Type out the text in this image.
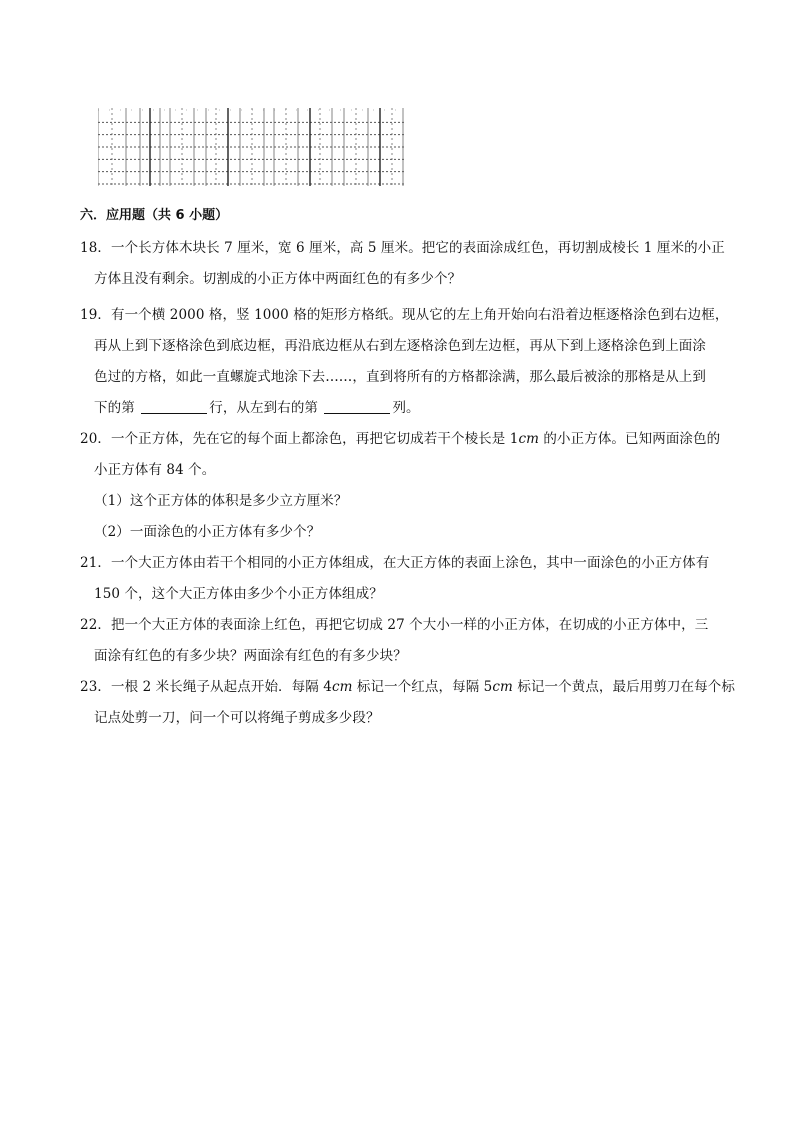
六．应用题（共 6 小题）
18．一个长方体木块长 7 厘米，宽 6 厘米，高 5 厘米。把它的表面涂成红色，再切割成棱长 1 厘米的小正
方体且没有剩余。切割成的小正方体中两面红色的有多少个？
19．有一个横 2000 格，竖 1000 格的矩形方格纸。现从它的左上角开始向右沿着边框逐格涂色到右边框，
再从上到下逐格涂色到底边框，再沿底边框从右到左逐格涂色到左边框，再从下到上逐格涂色到上面涂
色过的方格，如此一直螺旋式地涂下去……，直到将所有的方格都涂满，那么最后被涂的那格是从上到
下的第	行，从左到右的第	列。
20．一个正方体，先在它的每个面上都涂色，再把它切成若干个棱长是 1cm 的小正方体。已知两面涂色的
小正方体有 84 个。
（1）这个正方体的体积是多少立方厘米？
（2）一面涂色的小正方体有多少个？
21．一个大正方体由若干个相同的小正方体组成，在大正方体的表面上涂色，其中一面涂色的小正方体有
150 个，这个大正方体由多少个小正方体组成？
22．把一个大正方体的表面涂上红色，再把它切成 27 个大小一样的小正方体，在切成的小正方体中，三
面涂有红色的有多少块？两面涂有红色的有多少块？
23．一根 2 米长绳子从起点开始．每隔 4cm 标记一个红点，每隔 5cm 标记一个黄点，最后用剪刀在每个标
记点处剪一刀，问一个可以将绳子剪成多少段？
